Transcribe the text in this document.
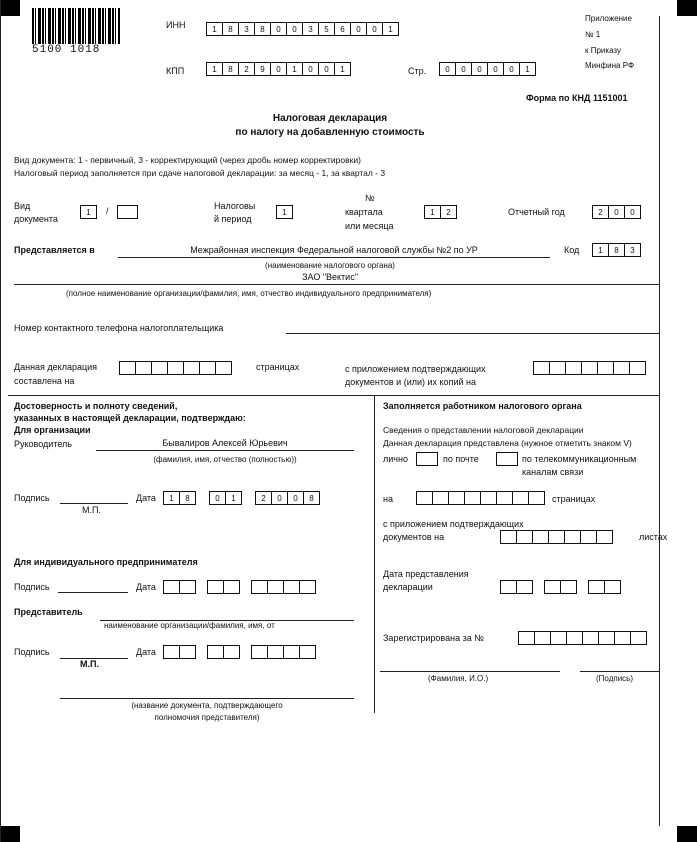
5100 1018
ИНН	1	8	3	8	0	0	3	5	6	0	0	1
КПП	1	8	2	9	0	1	0	0	1	Стр.	0	0	0	0	0	1
Приложение
№ 1
к Приказу
Минфина РФ
Форма по КНД 1151001
Налоговая декларация
по налогу на добавленную стоимость
Вид документа: 1 - первичный, 3 - корректирующий (через дробь номер корректировки)
Налоговый период заполняется при сдаче налоговой декларации: за месяц - 1, за квартал - 3
Вид
документа
1	/	Налоговы
й период
1
№
квартала
или месяца
1	2	Отчетный год	2	0	0
Представляется в	Межрайонная инспекция Федеральной налоговой службы №2 по УР
(наименование налогового органа)
Код	1	8	3
ЗАО "Вектис"
(полное наименование организации/фамилия, имя, отчество индивидуального предпринимателя)
Номер контактного телефона налогоплательщика
Данная декларация
составлена на
страницах	с приложением подтверждающих
документов и (или) их копий на
Достоверность и полноту сведений,
указанных в настоящей декларации, подтверждаю:
Для организации
Руководитель	Бывалиров Алексей Юрьевич
(фамилия, имя, отчество (полностью))
Подпись
М.П.
Дата	1	8	0	1	2	0	0	8
Для индивидуального предпринимателя
Подпись	Дата
Представитель
наименование организации/фамилия, имя, от
Подпись
М.П.
Дата
(название документа, подтверждающего
полномочия представителя)
Заполняется работником налогового органа
Сведения о представлении налоговой декларации
Данная декларация представлена (нужное отметить знаком V)
лично	по почте	по телекоммуникационным
каналам связи
на	страницах
с приложением подтверждающих
документов на	листах
Дата представления
декларации
Зарегистрирована за №
(Фамилия, И.О.)	(Подпись)
